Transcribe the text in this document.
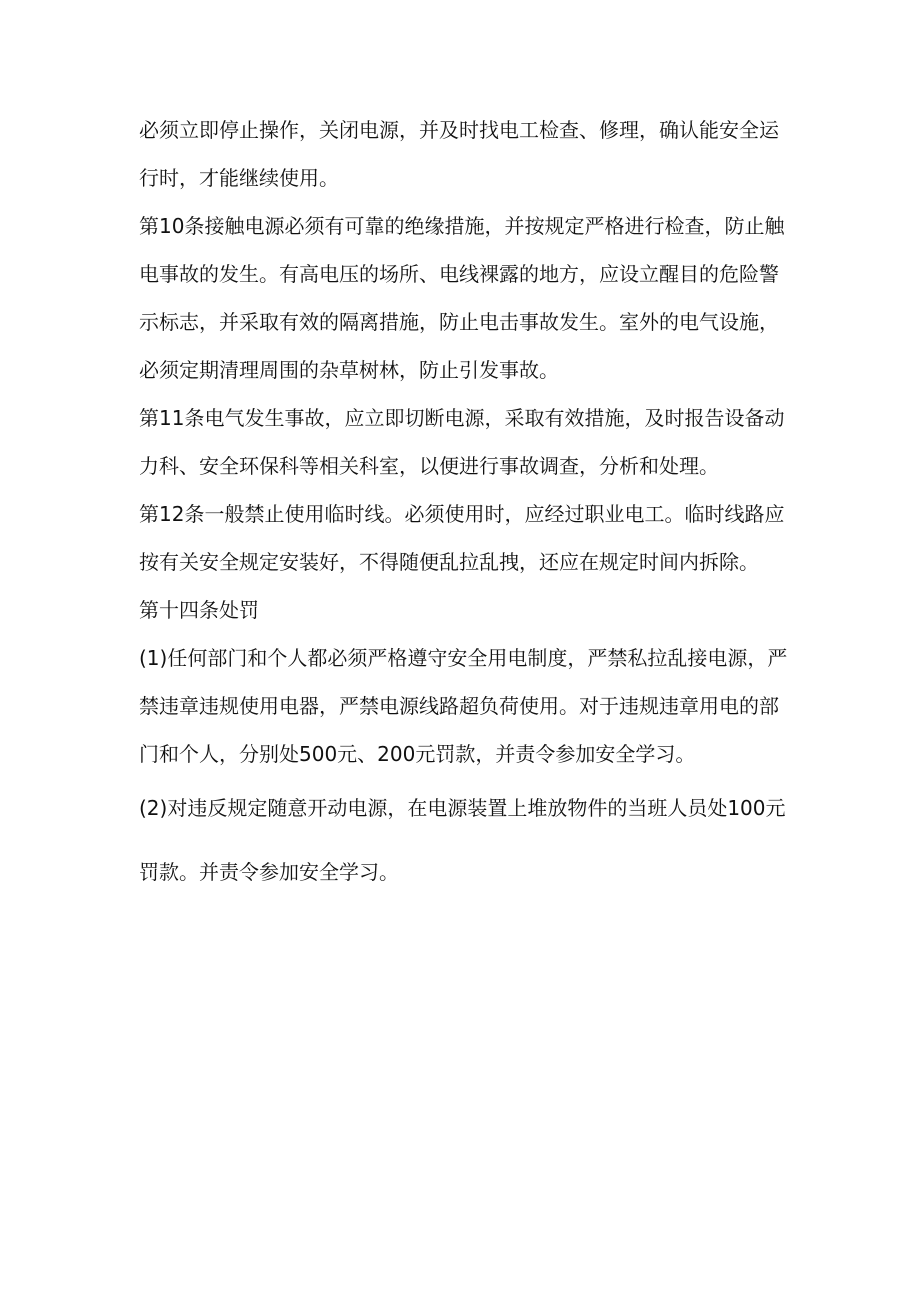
必须立即停止操作，关闭电源，并及时找电工检查、修理，确认能安全运
行时，才能继续使用。

第10条接触电源必须有可靠的绝缘措施，并按规定严格进行检查，防止触
电事故的发生。有高电压的场所、电线裸露的地方，应设立醒目的危险警
示标志，并采取有效的隔离措施，防止电击事故发生。室外的电气设施，
必须定期清理周围的杂草树林，防止引发事故。

第11条电气发生事故，应立即切断电源，采取有效措施，及时报告设备动
力科、安全环保科等相关科室，以便进行事故调查，分析和处理。

第12条一般禁止使用临时线。必须使用时，应经过职业电工。临时线路应
按有关安全规定安装好，不得随便乱拉乱拽，还应在规定时间内拆除。

第十四条处罚

(1)任何部门和个人都必须严格遵守安全用电制度，严禁私拉乱接电源，严
禁违章违规使用电器，严禁电源线路超负荷使用。对于违规违章用电的部
门和个人，分别处500元、200元罚款，并责令参加安全学习。

(2)对违反规定随意开动电源，在电源装置上堆放物件的当班人员处100元
罚款。并责令参加安全学习。
